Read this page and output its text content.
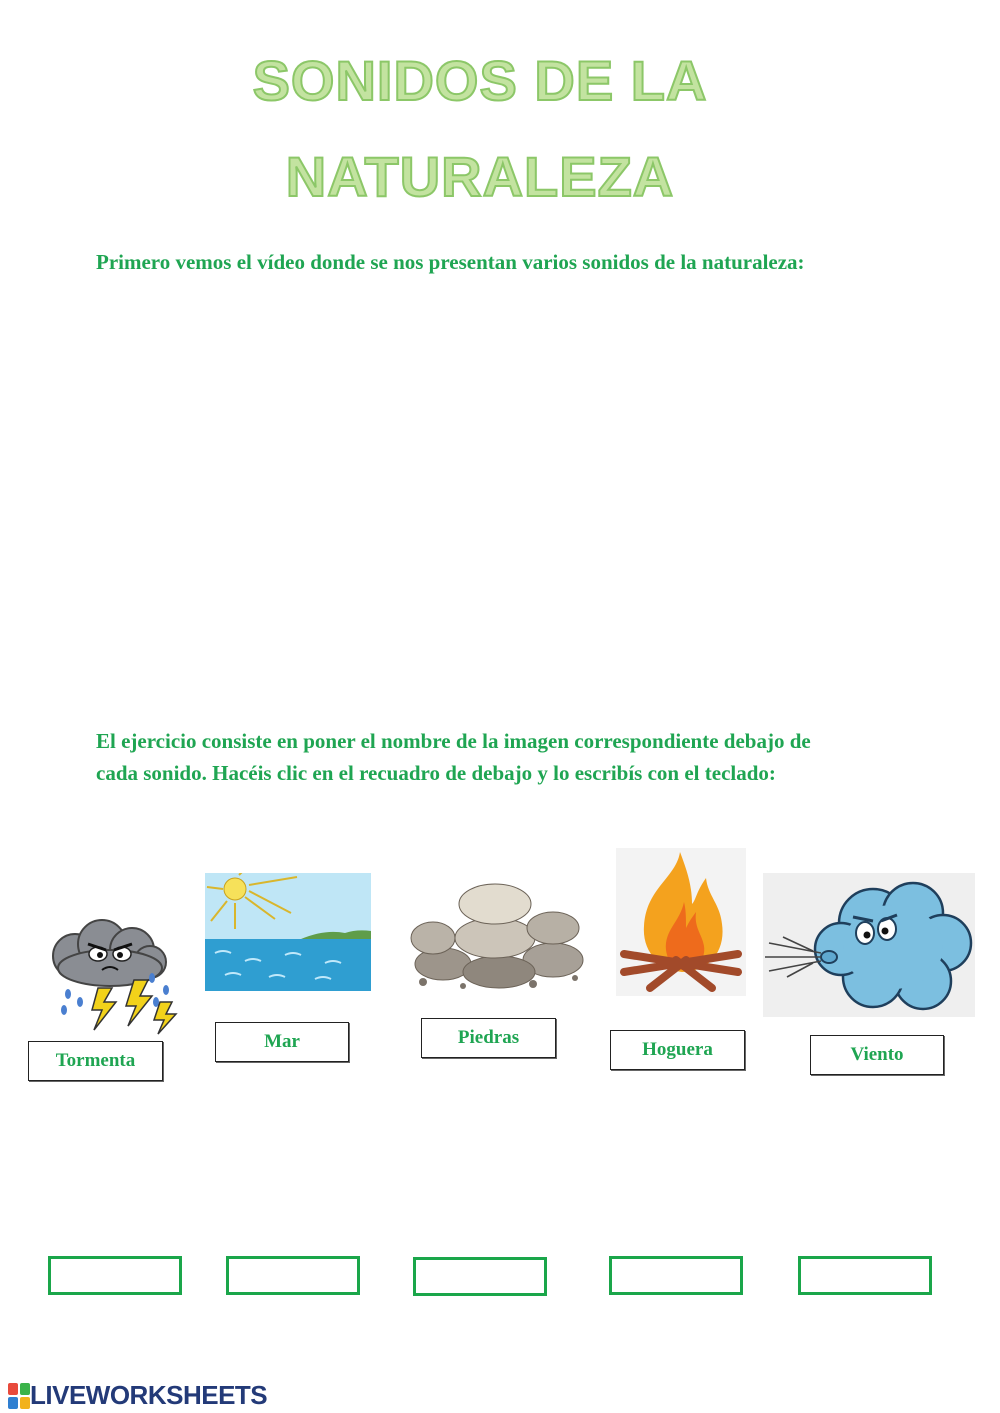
SONIDOS DE LA
NATURALEZA
Primero vemos el vídeo donde se nos presentan varios sonidos de la naturaleza:
El ejercicio consiste en poner el nombre de la imagen correspondiente debajo de
cada sonido. Hacéis clic en el recuadro de debajo y lo escribís con el teclado:
Tormenta
Mar	Piedras
Hoguera	Viento
LIVEWORKSHEETS
